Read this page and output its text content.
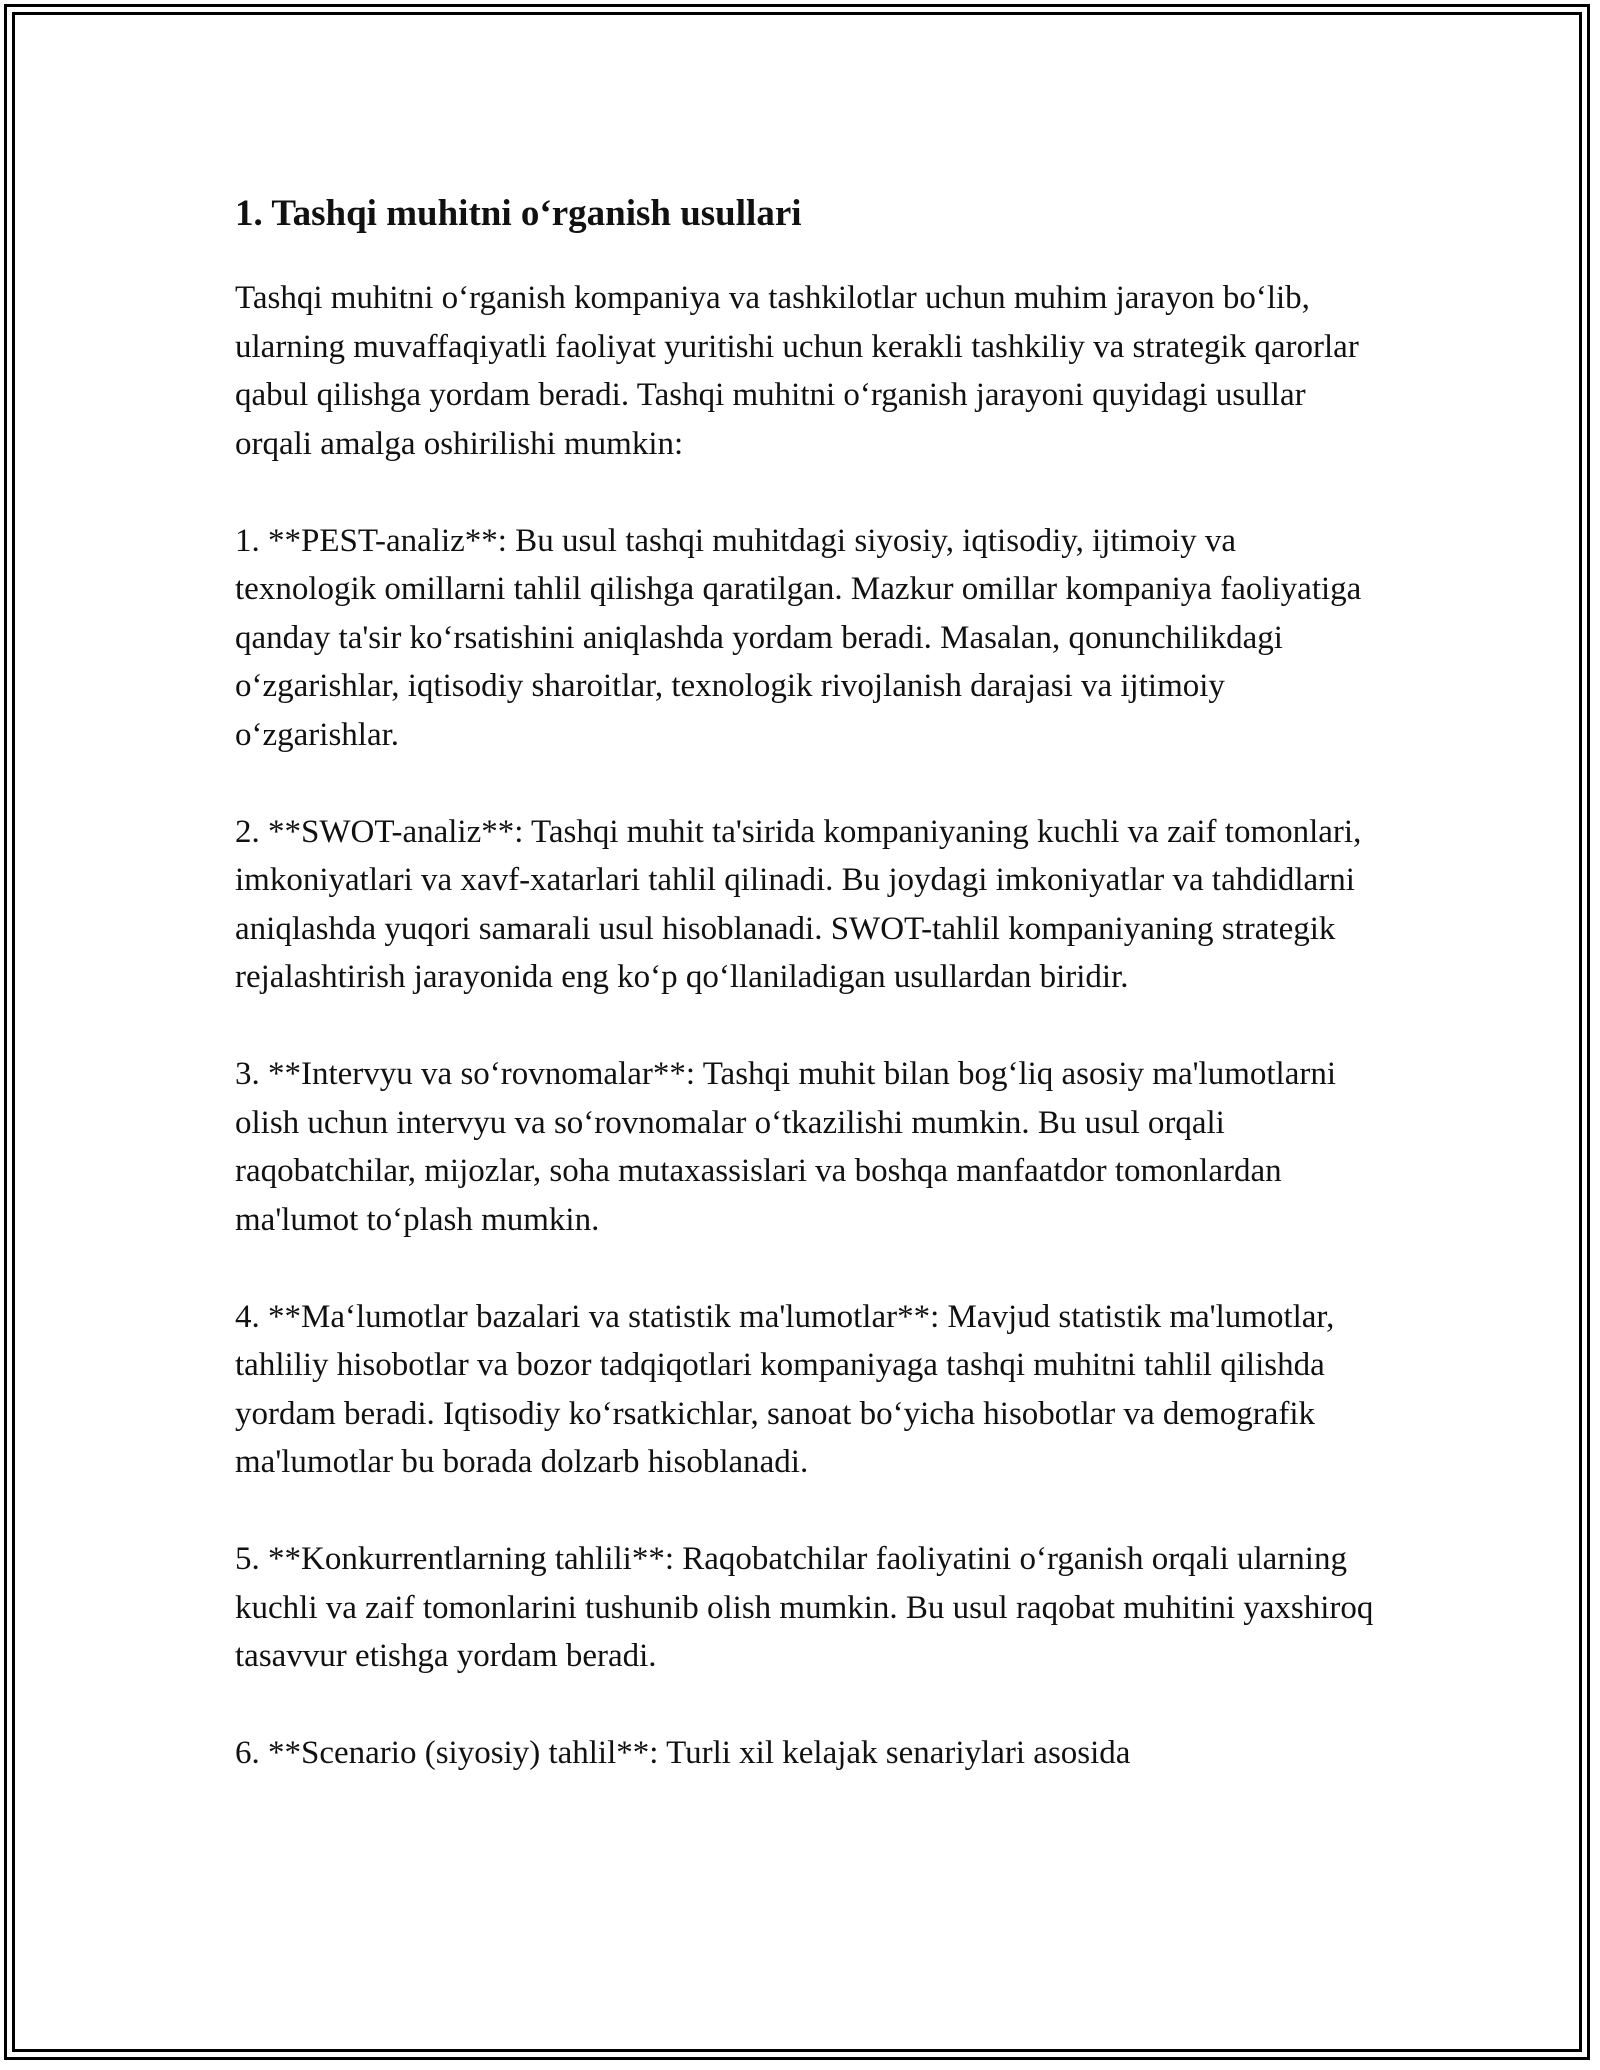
1. Tashqi muhitni o‘rganish usullari

Tashqi muhitni o‘rganish kompaniya va tashkilotlar uchun muhim jarayon bo‘lib, ularning muvaffaqiyatli faoliyat yuritishi uchun kerakli tashkiliy va strategik qarorlar qabul qilishga yordam beradi. Tashqi muhitni o‘rganish jarayoni quyidagi usullar orqali amalga oshirilishi mumkin:

1. **PEST-analiz**: Bu usul tashqi muhitdagi siyosiy, iqtisodiy, ijtimoiy va texnologik omillarni tahlil qilishga qaratilgan. Mazkur omillar kompaniya faoliyatiga qanday ta'sir ko‘rsatishini aniqlashda yordam beradi. Masalan, qonunchilikdagi o‘zgarishlar, iqtisodiy sharoitlar, texnologik rivojlanish darajasi va ijtimoiy o‘zgarishlar.

2. **SWOT-analiz**: Tashqi muhit ta'sirida kompaniyaning kuchli va zaif tomonlari, imkoniyatlari va xavf-xatarlari tahlil qilinadi. Bu joydagi imkoniyatlar va tahdidlarni aniqlashda yuqori samarali usul hisoblanadi. SWOT-tahlil kompaniyaning strategik rejalashtirish jarayonida eng ko‘p qo‘llaniladigan usullardan biridir.

3. **Intervyu va so‘rovnomalar**: Tashqi muhit bilan bog‘liq asosiy ma'lumotlarni olish uchun intervyu va so‘rovnomalar o‘tkazilishi mumkin. Bu usul orqali raqobatchilar, mijozlar, soha mutaxassislari va boshqa manfaatdor tomonlardan ma'lumot to‘plash mumkin.

4. **Ma‘lumotlar bazalari va statistik ma'lumotlar**: Mavjud statistik ma'lumotlar, tahliliy hisobotlar va bozor tadqiqotlari kompaniyaga tashqi muhitni tahlil qilishda yordam beradi. Iqtisodiy ko‘rsatkichlar, sanoat bo‘yicha hisobotlar va demografik ma'lumotlar bu borada dolzarb hisoblanadi.

5. **Konkurrentlarning tahlili**: Raqobatchilar faoliyatini o‘rganish orqali ularning kuchli va zaif tomonlarini tushunib olish mumkin. Bu usul raqobat muhitini yaxshiroq tasavvur etishga yordam beradi.

6. **Scenario (siyosiy) tahlil**: Turli xil kelajak senariylari asosida
